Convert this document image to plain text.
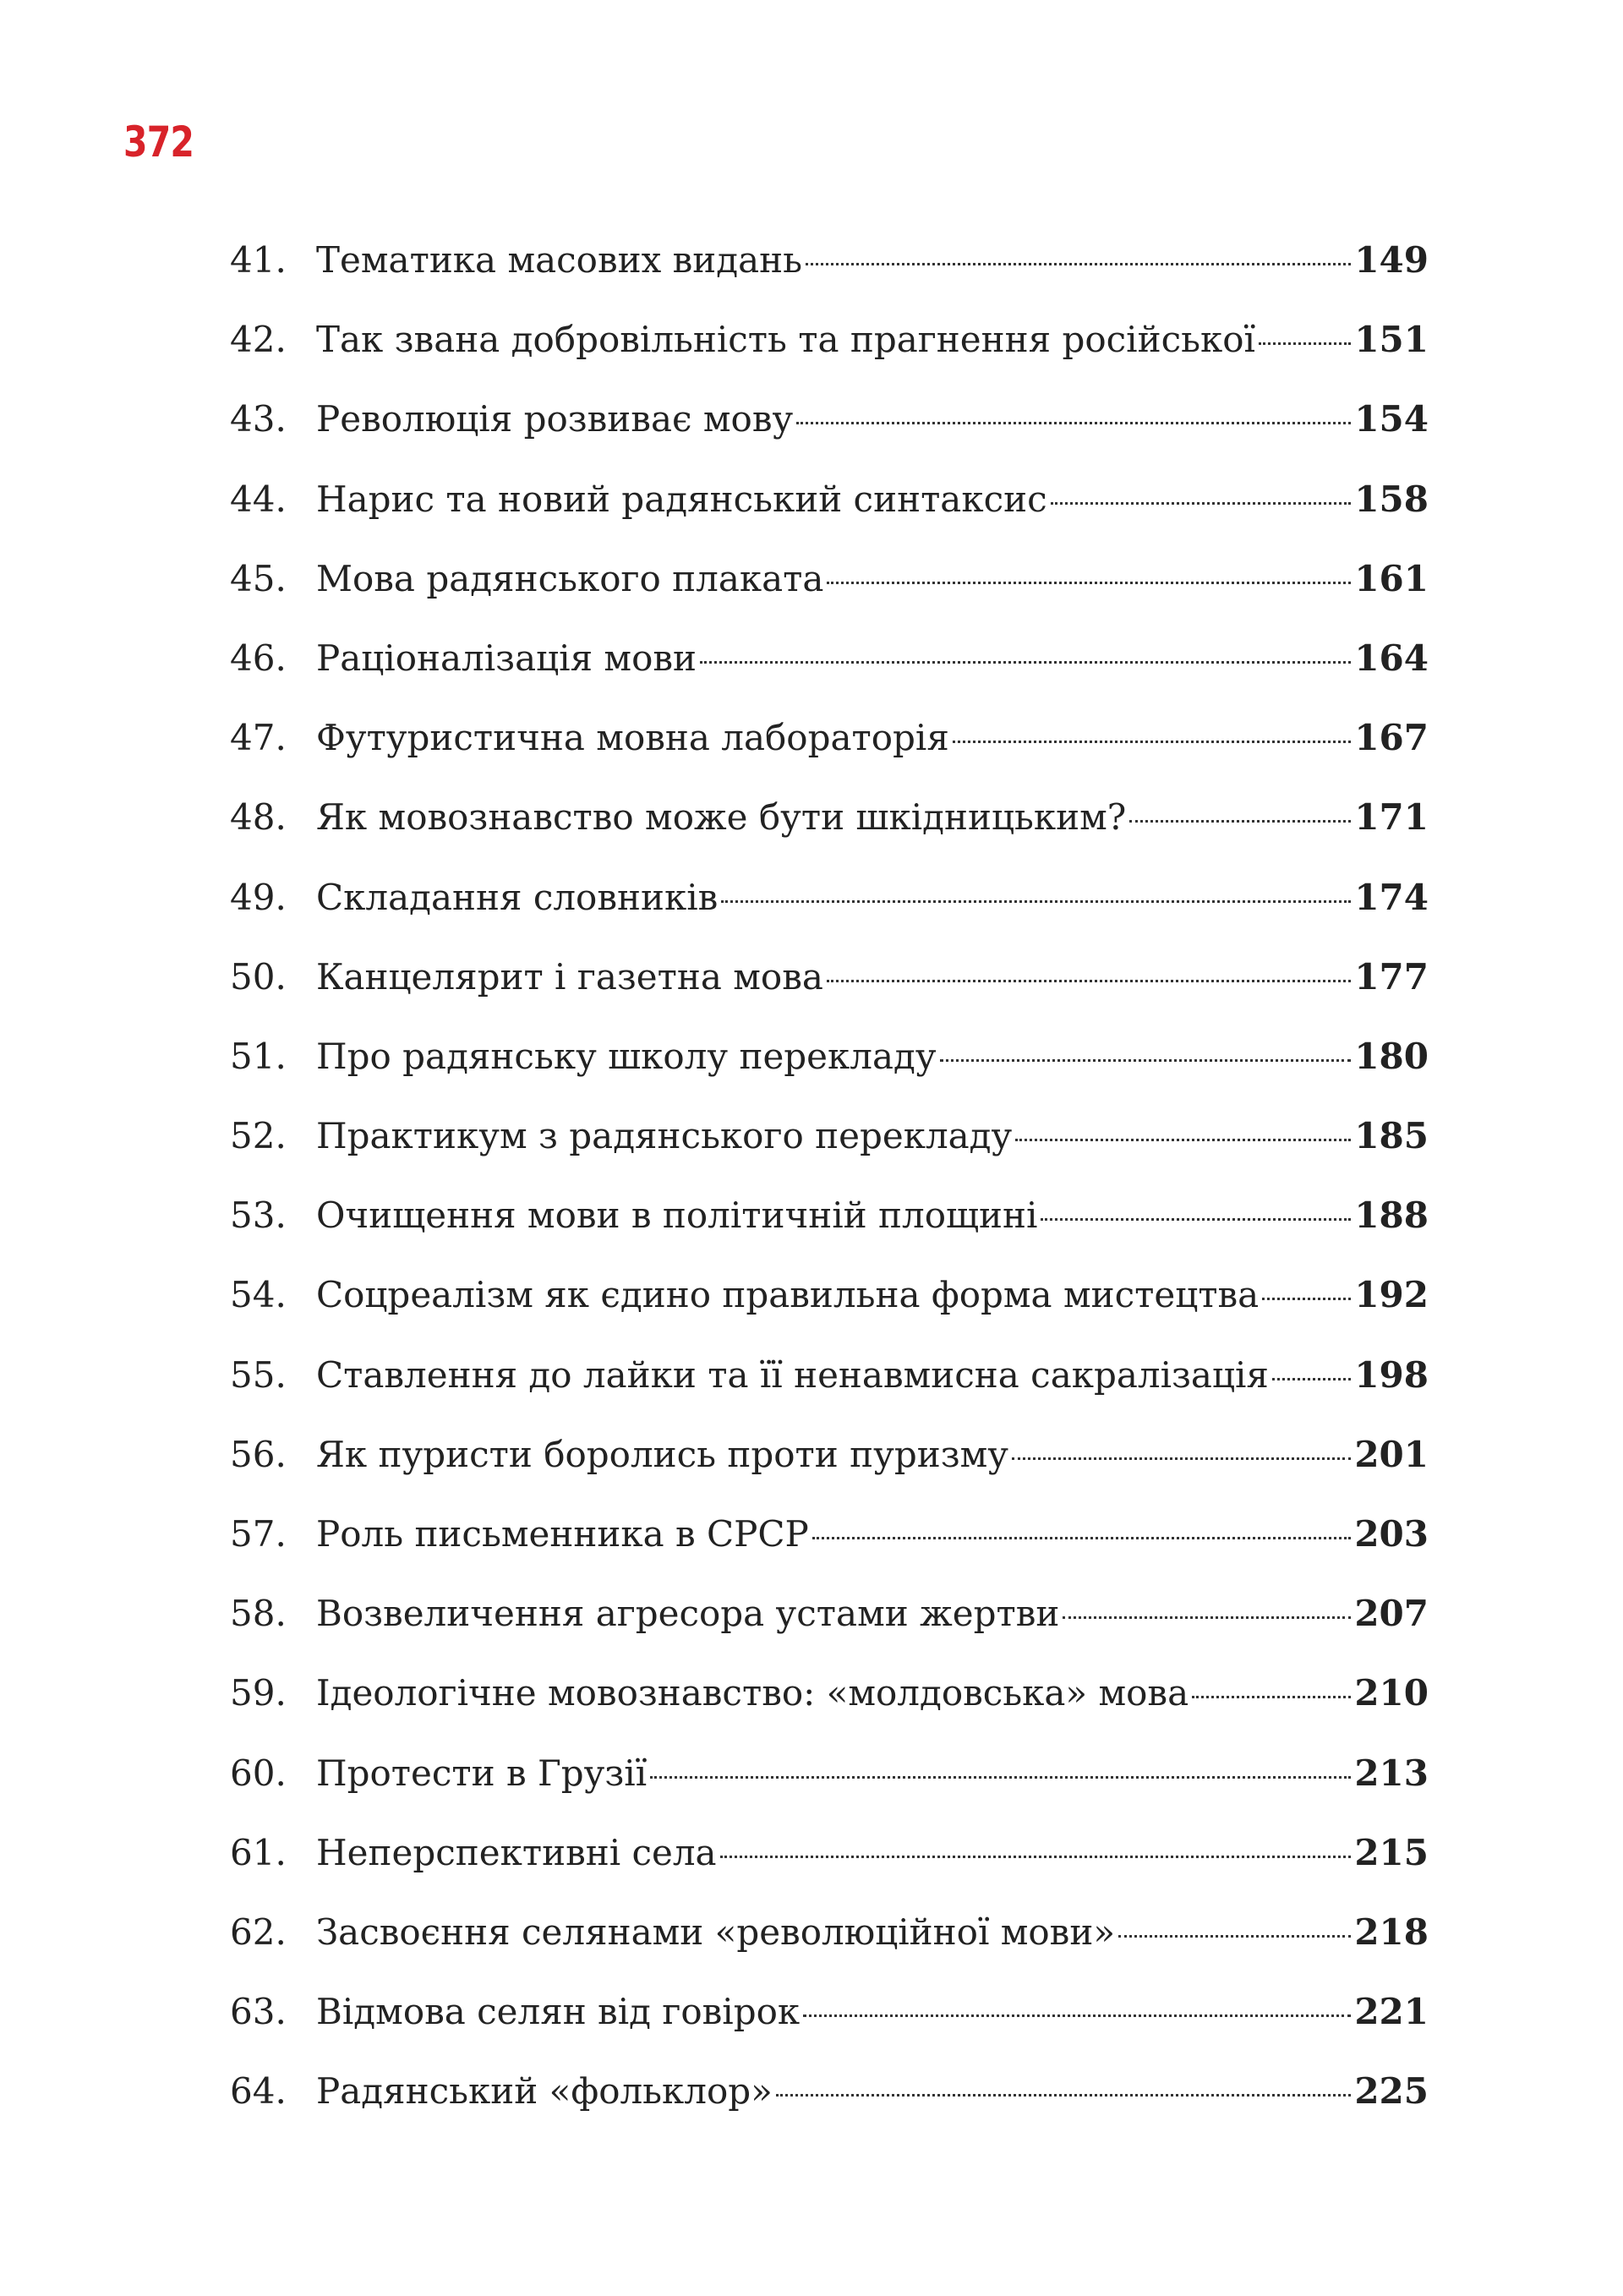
372
41. Тематика масових видань	149
42. Так звана добровільність та прагнення російської	151
43. Революція розвиває мову	154
44. Нарис та новий радянський синтаксис	158
45. Мова радянського плаката	161
46. Раціоналізація мови	164
47. Футуристична мовна лабораторія	167
48. Як мовознавство може бути шкідницьким?	171
49. Складання словників	174
50. Канцелярит і газетна мова	177
51. Про радянську школу перекладу	180
52. Практикум з радянського перекладу	185
53. Очищення мови в політичній площині	188
54. Соцреалізм як єдино правильна форма мистецтва	192
55. Ставлення до лайки та її ненавмисна сакралізація 198
56. Як пуристи боролись проти пуризму	201
57. Роль письменника в СРСР	203
58. Возвеличення агресора устами жертви	207
59. Ідеологічне мовознавство: «молдовська» мова	210
60. Протести в Грузії	213
61. Неперспективні села	215
62. Засвоєння селянами «революційної мови»	218
63. Відмова селян від говірок	221
64. Радянський «фольклор»	225
